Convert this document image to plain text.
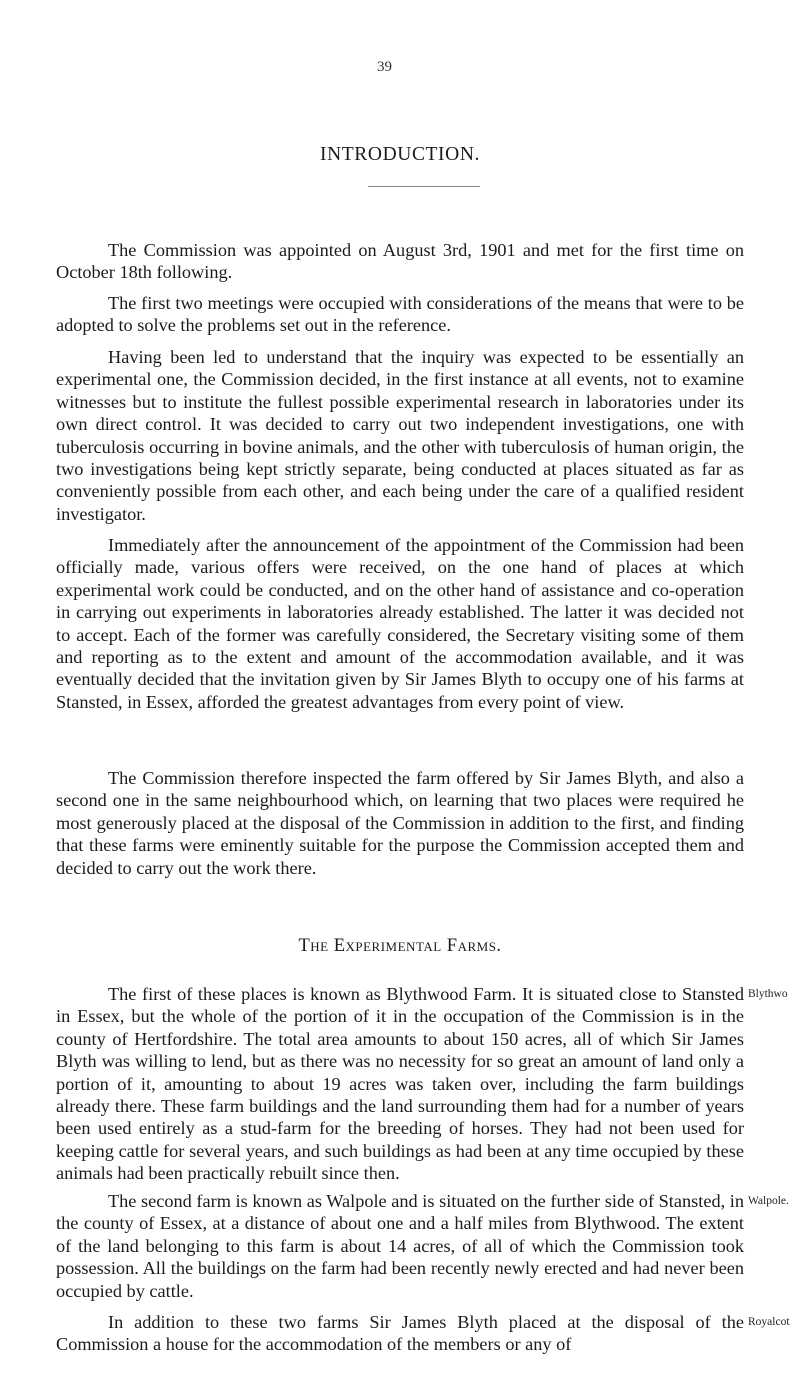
39
INTRODUCTION.

The Commission was appointed on August 3rd, 1901 and met for the first time on October 18th following.

The first two meetings were occupied with considerations of the means that were to be adopted to solve the problems set out in the reference.

Having been led to understand that the inquiry was expected to be essentially an experimental one, the Commission decided, in the first instance at all events, not to examine witnesses but to institute the fullest possible experimental research in laboratories under its own direct control. It was decided to carry out two independent investigations, one with tuberculosis occurring in bovine animals, and the other with tuberculosis of human origin, the two investigations being kept strictly separate, being conducted at places situated as far as conveniently possible from each other, and each being under the care of a qualified resident investigator.

Immediately after the announcement of the appointment of the Commission had been officially made, various offers were received, on the one hand of places at which experimental work could be conducted, and on the other hand of assistance and co-operation in carrying out experiments in laboratories already established. The latter it was decided not to accept. Each of the former was carefully considered, the Secretary visiting some of them and reporting as to the extent and amount of the accommodation available, and it was eventually decided that the invitation given by Sir James Blyth to occupy one of his farms at Stansted, in Essex, afforded the greatest advantages from every point of view.

The Commission therefore inspected the farm offered by Sir James Blyth, and also a second one in the same neighbourhood which, on learning that two places were required he most generously placed at the disposal of the Commission in addition to the first, and finding that these farms were eminently suitable for the purpose the Commission accepted them and decided to carry out the work there.

The Experimental Farms.

The first of these places is known as Blythwood Farm. It is situated close to Stansted in Essex, but the whole of the portion of it in the occupation of the Commission is in the county of Hertfordshire. The total area amounts to about 150 acres, all of which Sir James Blyth was willing to lend, but as there was no necessity for so great an amount of land only a portion of it, amounting to about 19 acres was taken over, including the farm buildings already there. These farm buildings and the land surrounding them had for a number of years been used entirely as a stud-farm for the breeding of horses. They had not been used for keeping cattle for several years, and such buildings as had been at any time occupied by these animals had been practically rebuilt since then.

The second farm is known as Walpole and is situated on the further side of Stansted, in the county of Essex, at a distance of about one and a half miles from Blythwood. The extent of the land belonging to this farm is about 14 acres, of all of which the Commission took possession. All the buildings on the farm had been recently newly erected and had never been occupied by cattle.

In addition to these two farms Sir James Blyth placed at the disposal of the Commission a house for the accommodation of the members or any of

Blythwo
Walpole.
Royalcot
